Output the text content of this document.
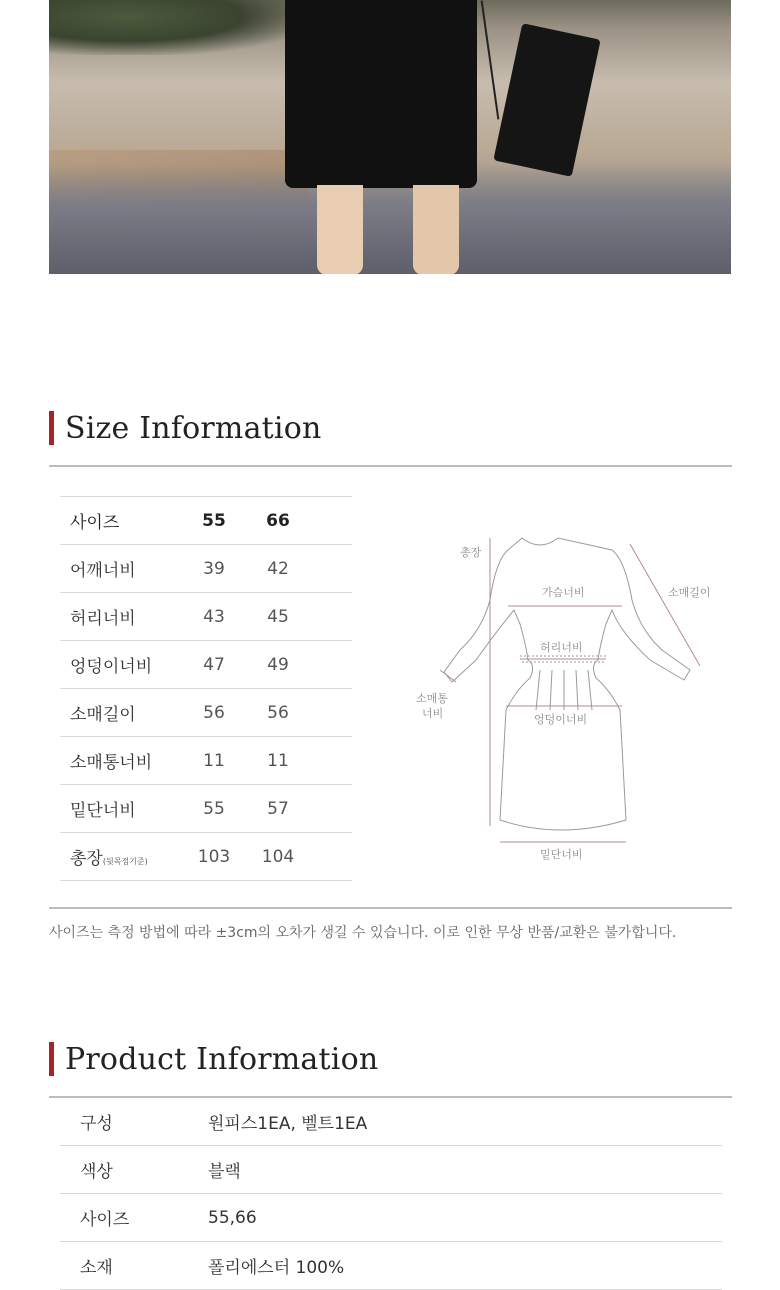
Size Information
사이즈	55	66	
어깨너비	39	42	
허리너비	43	45	
엉덩이너비	47	49	
소매길이	56	56	
소매통너비	11	11	
밑단너비	55	57	
총장(뒷목점기준)	103	104	
총장
가슴너비	소매길이
허리너비
소매통
너비	엉덩이너비
밑단너비
사이즈는 측정 방법에 따라 ±3cm의 오차가 생길 수 있습니다. 이로 인한 무상 반품/교환은 불가합니다.
Product Information
구성	원피스1EA, 벨트1EA
색상	블랙
사이즈	55,66
소재	폴리에스터 100%
